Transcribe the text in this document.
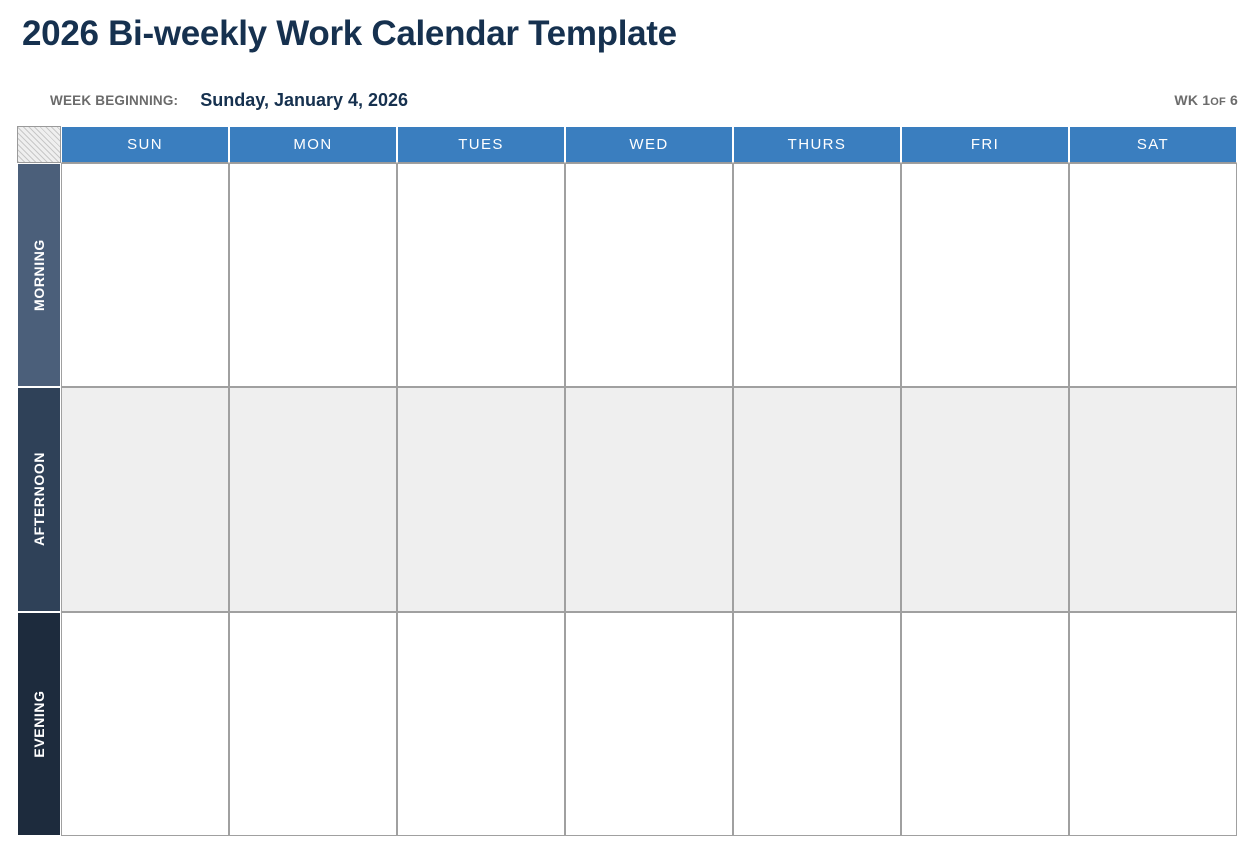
2026 Bi-weekly Work Calendar Template
WEEK BEGINNING: Sunday, January 4, 2026	WK 1OF 6
SUN	MON	TUES	WED	THURS	FRI	SAT
MORNING
AFTERNOON
EVENING
